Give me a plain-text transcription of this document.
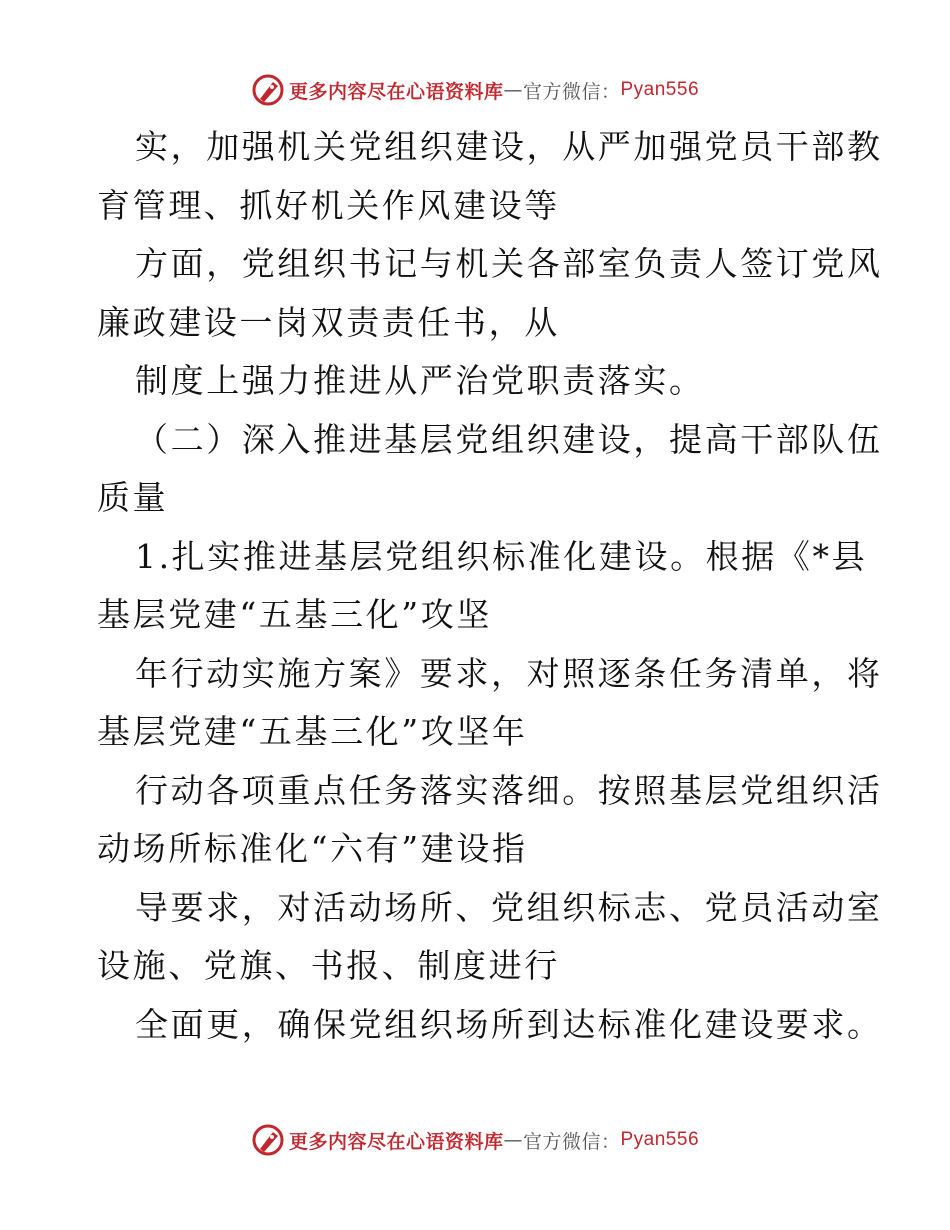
更多内容尽在心语资料库 — 官方微信： Pyan556
实，加强机关党组织建设，从严加强党员干部教
育管理、抓好机关作风建设等
方面，党组织书记与机关各部室负责人签订党风
廉政建设一岗双责责任书，从
制度上强力推进从严治党职责落实。
（二）深入推进基层党组织建设，提高干部队伍
质量
1.扎实推进基层党组织标准化建设。根据《*县
基层党建“五基三化”攻坚
年行动实施方案》要求，对照逐条任务清单，将
基层党建“五基三化”攻坚年
行动各项重点任务落实落细。按照基层党组织活
动场所标准化“六有”建设指
导要求，对活动场所、党组织标志、党员活动室
设施、党旗、书报、制度进行
全面更，确保党组织场所到达标准化建设要求。
更多内容尽在心语资料库 — 官方微信： Pyan556
